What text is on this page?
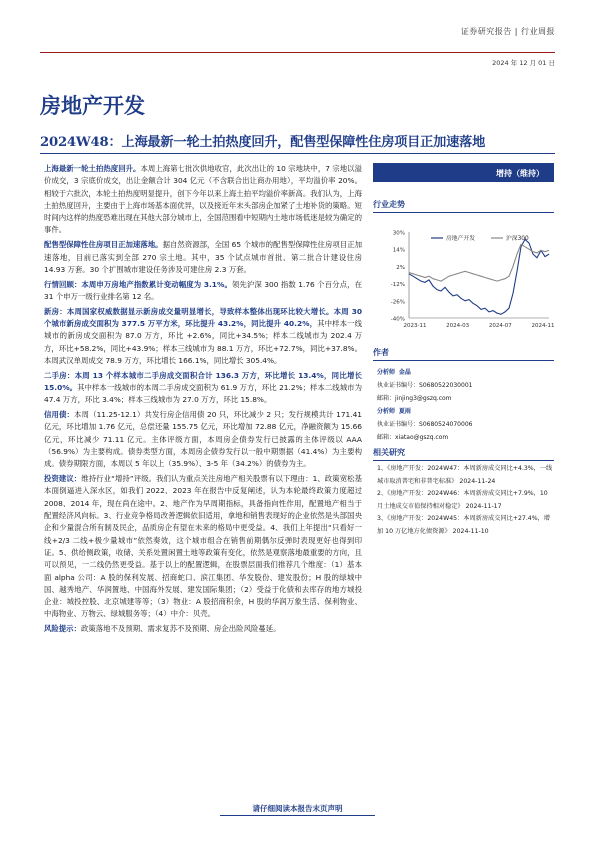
证券研究报告 | 行业周报
2024 年 12 月 01 日
房地产开发
2024W48：上海最新一轮土拍热度回升，配售型保障性住房项目正加速落地

上海最新一轮土拍热度回升。本周上海第七批次供地收官，此次出让的 10 宗地块中，7 宗地以溢价成交，3 宗底价成交，出让金额合计 304 亿元（不含联合出让商办用地），平均溢价率 20%。相较于六批次，本轮土拍热度明显提升，创下今年以来上海土拍平均溢价率新高。我们认为，上海土拍热度回升，主要由于上海市场基本面优异，以及接近年末头部房企加紧了土地补货的策略。短时间内这样的热度恐难出现在其他大部分城市上，全国范围看中短期内土地市场低迷是较为确定的事件。

配售型保障性住房项目正加速落地。据自然资源部，全国 65 个城市的配售型保障性住房项目正加速落地，目前已落实到全部 270 宗土地。其中，35 个试点城市首批、第二批合计建设住房 14.93 万套。30 个扩围城市建设任务涉及可建住房 2.3 万套。

行情回顾：本周申万房地产指数累计变动幅度为 3.1%。领先沪深 300 指数 1.76 个百分点，在 31 个申万一级行业排名第 12 名。

新房：本周国家权威数据显示新房成交量明显增长，导致样本整体出现环比较大增长。本周 30 个城市新房成交面积为 377.5 万平方米，环比提升 43.2%，同比提升 40.2%，其中样本一线城市的新房成交面积为 87.0 万方，环比 +2.6%，同比+34.5%；样本二线城市为 202.4 万方，环比+58.2%，同比+43.9%；样本三线城市为 88.1 万方，环比+72.7%，同比+37.8%。本周武汉单周成交 78.9 万方，环比增长 166.1%，同比增长 305.4%。

二手房：本周 13 个样本城市二手房成交面积合计 136.3 万方，环比增长 13.4%，同比增长 15.0%。其中样本一线城市的本周二手房成交面积为 61.9 万方，环比 21.2%；样本二线城市为 47.4 万方，环比 3.4%；样本三线城市为 27.0 万方，环比 15.8%。

信用债：本周（11.25-12.1）共发行房企信用债 20 只，环比减少 2 只；发行规模共计 171.41 亿元，环比增加 1.76 亿元，总偿还量 155.75 亿元，环比增加 72.88 亿元，净融资额为 15.66 亿元，环比减少 71.11 亿元。主体评级方面，本周房企债券发行已披露的主体评级以 AAA（56.9%）为主要构成。债券类型方面，本周房企债券发行以一般中期票据（41.4%）为主要构成。债券期限方面，本周以 5 年以上（35.9%）、3-5 年（34.2%）的债券为主。

投资建议：维持行业“增持”评级。我们认为重点关注房地产相关股票有以下理由：1、政策宽松基本面倒逼进入深水区，如我们 2022、2023 年在报告中反复阐述，认为本轮最终政策力度超过 2008、2014 年，现在尚在途中。2、地产作为早周期指标，具备指向性作用，配置地产相当于配置经济风向标。3、行业竞争格局改善逻辑依旧适用，拿地和销售表现好的企业依然是头部国央企和少量混合所有制及民企，品质房企有望在未来的格局中更受益。4、我们上年提出“只看好一线+2/3 二线+极少量城市”依然奏效，这个城市组合在销售前期偶尔反弹时表现更好也得到印证。5、供给侧政策，收储、关系处置闲置土地等政策有变化，依然是观察落地最重要的方向，且可以预见，一二线仍然更受益。基于以上的配置逻辑，在股票层面我们推荐几个维度：（1）基本面 alpha 公司：A 股的保利发展、招商蛇口、滨江集团、华发股份、建发股份；H 股的绿城中国、越秀地产、华润置地、中国海外发展、建发国际集团；（2）受益于化债和去库存的地方城投企业：城投控股、北京城建等等；（3）物业：A 股招商积余，H 股的华润万象生活、保利物业、中海物业、万物云、绿城服务等；（4）中介：贝壳。

风险提示：政策落地不及预期、需求复苏不及预期、房企出险风险蔓延。

增持（维持）
行业走势
30%
14%
2%
-12%
-26%
-40%
2023-11	2024-03	2024-07	2024-11
房地产开发	沪深300
作者
分析师 金晶
执业证书编号：S0680522030001
邮箱：jinjing3@gszq.com
分析师 夏雨
执业证书编号：S0680524070006
邮箱：xiatao@gszq.com
相关研究
1、《房地产开发：2024W47：本周新房成交同比+4.3%，一线城市取消普宅和非普宅标准》 2024-11-24
2、《房地产开发：2024W46：本周新房成交同比+7.9%，10 月土地成交市值保持相对稳定》 2024-11-17
3、《房地产开发：2024W45：本周新房成交同比+27.4%，增加 10 万亿地方化债资源》 2024-11-10
请仔细阅读本报告末页声明
